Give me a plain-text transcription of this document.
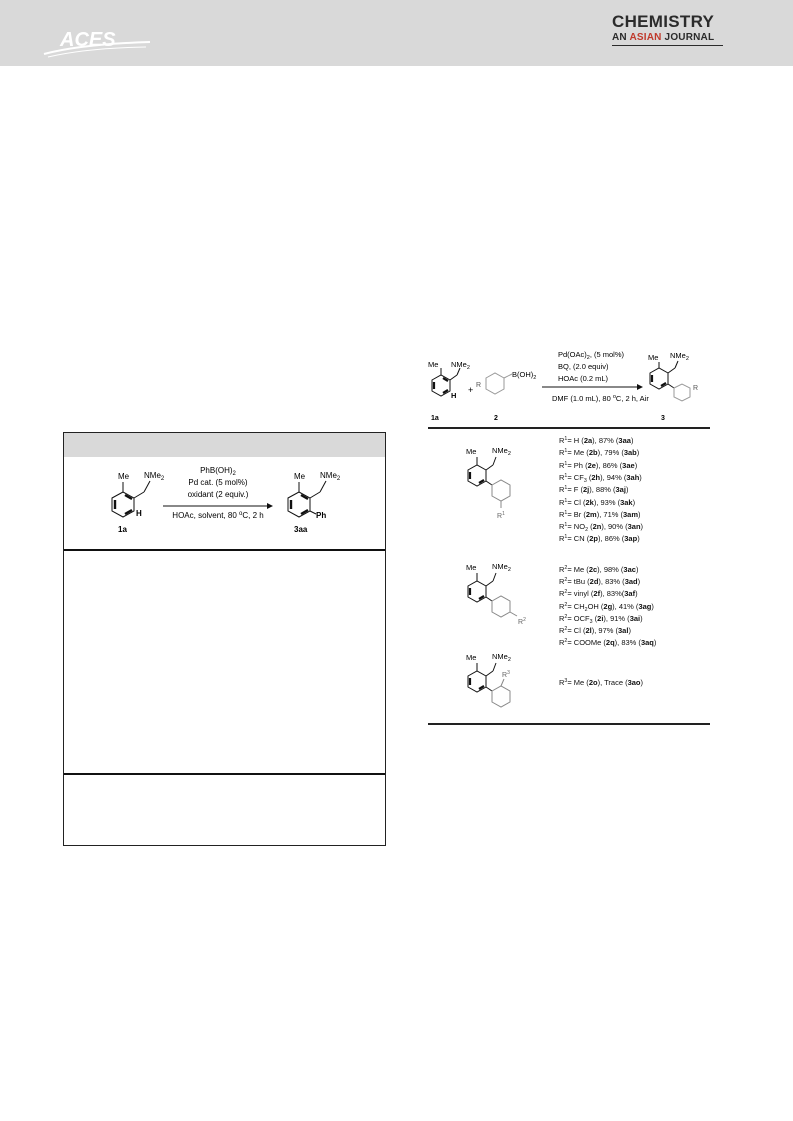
ACES
CHEMISTRY
AN ASIAN JOURNAL
Me NMe$_2$
H
1a
$PhB(OH)_2$
Pd cat. (5 mol%)
oxidant (2 equiv.)
HOAc, solvent, 80 $^o$C, 2 h
Me NMe$_2$
Ph
3aa
Me NMe$_2$
H
1a
+ R
$B(OH)_2$
2
$Pd(OAc)_2$, (5 mol%)
BQ, (2.0 equiv)
HOAc (0.2 mL)
DMF (1.0 mL), 80 $^o$C, 2 h, Air
Me NMe$_2$
R
3
Me NMe$_2$
$R^1$
Me NMe$_2$
$R^2$
Me NMe$_2$
$R^3$
$R^1= H$ (2a), 87% (3aa)
$R^1= Me$ (2b), 79% (3ab)
$R^1= Ph$ (2e), 86% (3ae)
$R^1= CF_3$ (2h), 94% (3ah)
$R^1= F$ (2j), 88% (3aj)
$R^1= Cl$ (2k), 93% (3ak)
$R^1= Br$ (2m), 71% (3am)
$R^1= NO_2$ (2n), 90% (3an)
$R^1=$ CN (2p), 86% (3ap)
$R^2= Me$ (2c), 98% (3ac)
$R^2=$ tBu (2d), 83% (3ad)
$R^2=$ vinyl (2f), 83%(3af)
$R^2= CH_2OH$ (2g), 41% (3ag)
$R^2= OCF_3$ (2i), 91% (3ai)
$R^2= Cl$ (2l), 97% (3al)
$R^2=$ COOMe (2q), 83% (3aq)
$R^3= Me$ (2o), Trace (3ao)
